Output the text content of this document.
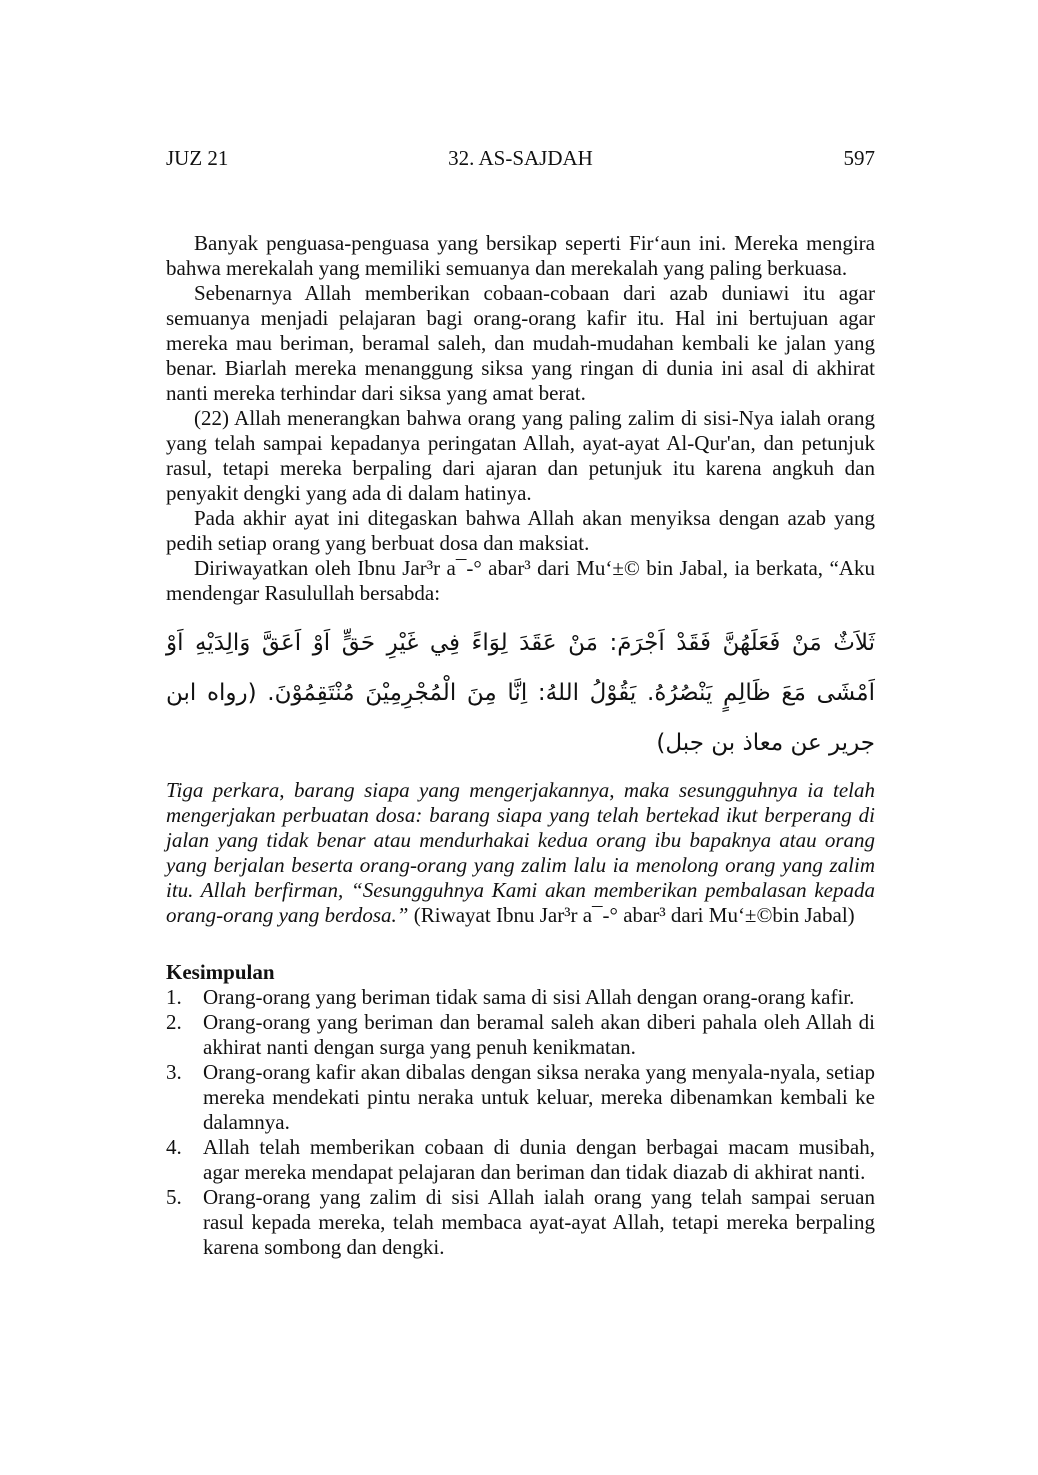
JUZ 21	32. AS-SAJDAH	597

Banyak penguasa-penguasa yang bersikap seperti Fir‘aun ini. Mereka mengira bahwa merekalah yang memiliki semuanya dan merekalah yang paling berkuasa.

Sebenarnya Allah memberikan cobaan-cobaan dari azab duniawi itu agar semuanya menjadi pelajaran bagi orang-orang kafir itu. Hal ini bertujuan agar mereka mau beriman, beramal saleh, dan mudah-mudahan kembali ke jalan yang benar. Biarlah mereka menanggung siksa yang ringan di dunia ini asal di akhirat nanti mereka terhindar dari siksa yang amat berat.

(22) Allah menerangkan bahwa orang yang paling zalim di sisi-Nya ialah orang yang telah sampai kepadanya peringatan Allah, ayat-ayat Al-Qur'an, dan petunjuk rasul, tetapi mereka berpaling dari ajaran dan petunjuk itu karena angkuh dan penyakit dengki yang ada di dalam hatinya.

Pada akhir ayat ini ditegaskan bahwa Allah akan menyiksa dengan azab yang pedih setiap orang yang berbuat dosa dan maksiat.

Diriwayatkan oleh Ibnu Jar³r a¯-° abar³ dari Mu‘±© bin Jabal, ia berkata, “Aku mendengar Rasulullah bersabda:

ثَلاَثٌ مَنْ فَعَلَهُنَّ فَقَدْ اَجْرَمَ: مَنْ عَقَدَ لِوَاءً فِي غَيْرِ حَقٍّ اَوْ اَعَقَّ وَالِدَيْهِ اَوْ اَمْشَى مَعَ ظَالِمٍ يَنْصُرُهُ. يَقُوْلُ اللهُ: اِنَّا مِنَ الْمُجْرِمِيْنَ مُنْتَقِمُوْنَ. (رواه ابن جرير عن معاذ بن جبل)

Tiga perkara, barang siapa yang mengerjakannya, maka sesungguhnya ia telah mengerjakan perbuatan dosa: barang siapa yang telah bertekad ikut berperang di jalan yang tidak benar atau mendurhakai kedua orang ibu bapaknya atau orang yang berjalan beserta orang-orang yang zalim lalu ia menolong orang yang zalim itu. Allah berfirman, “Sesungguhnya Kami akan memberikan pembalasan kepada orang-orang yang berdosa.” (Riwayat Ibnu Jar³r a¯-° abar³ dari Mu‘±©bin Jabal)

Kesimpulan

1. Orang-orang yang beriman tidak sama di sisi Allah dengan orang-orang kafir.
2. Orang-orang yang beriman dan beramal saleh akan diberi pahala oleh Allah di akhirat nanti dengan surga yang penuh kenikmatan.
3. Orang-orang kafir akan dibalas dengan siksa neraka yang menyala-nyala, setiap mereka mendekati pintu neraka untuk keluar, mereka dibenamkan kembali ke dalamnya.
4. Allah telah memberikan cobaan di dunia dengan berbagai macam musibah, agar mereka mendapat pelajaran dan beriman dan tidak diazab di akhirat nanti.
5. Orang-orang yang zalim di sisi Allah ialah orang yang telah sampai seruan rasul kepada mereka, telah membaca ayat-ayat Allah, tetapi mereka berpaling karena sombong dan dengki.
